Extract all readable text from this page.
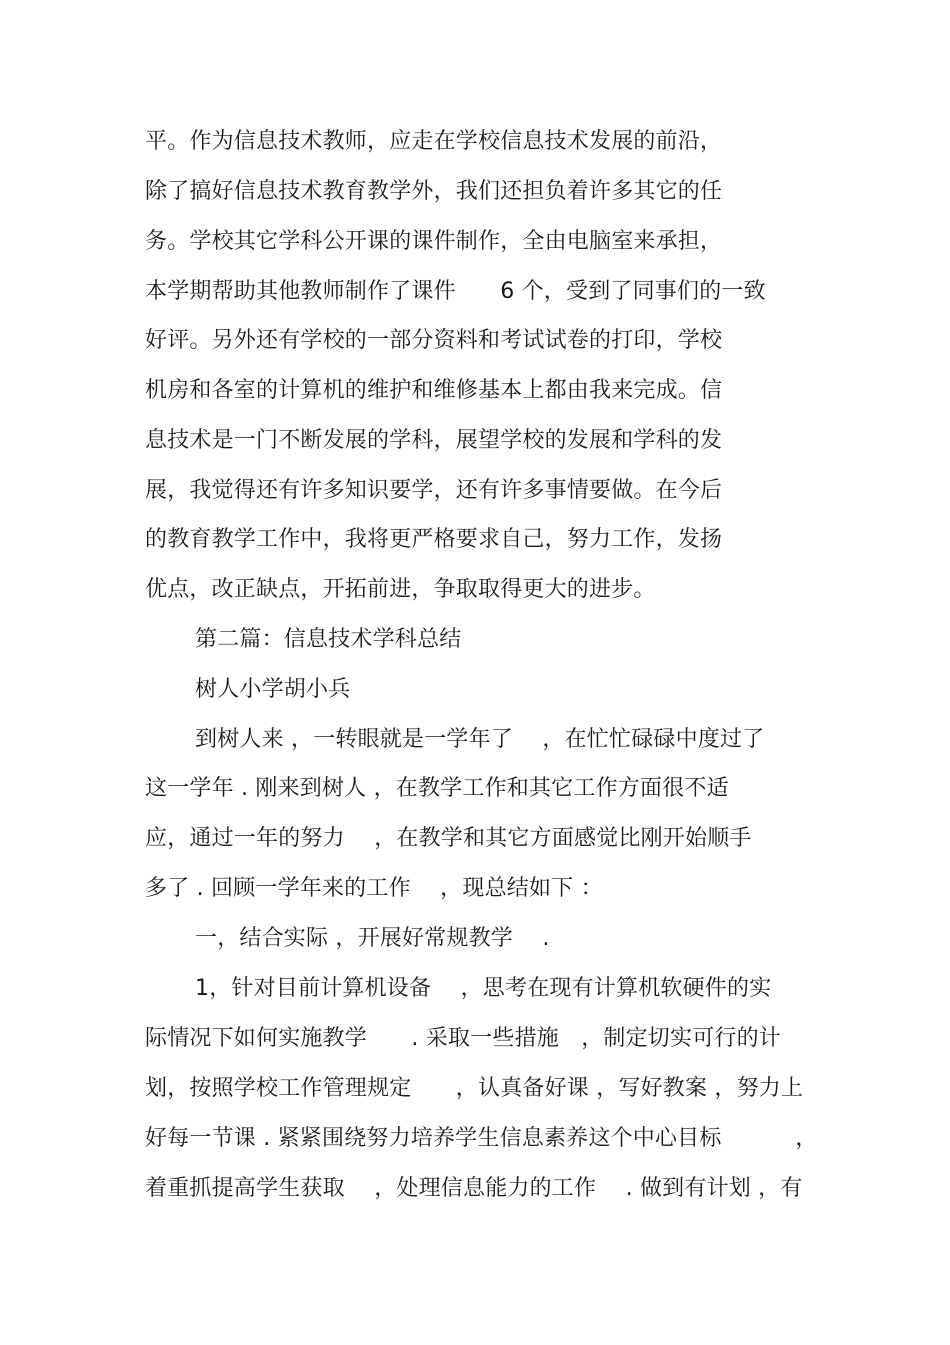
平。作为信息技术教师，应走在学校信息技术发展的前沿，

除了搞好信息技术教育教学外，我们还担负着许多其它的任

务。学校其它学科公开课的课件制作，全由电脑室来承担，

本学期帮助其他教师制作了课件　　6 个，受到了同事们的一致

好评。另外还有学校的一部分资料和考试试卷的打印，学校

机房和各室的计算机的维护和维修基本上都由我来完成。信

息技术是一门不断发展的学科，展望学校的发展和学科的发

展，我觉得还有许多知识要学，还有许多事情要做。在今后

的教育教学工作中，我将更严格要求自己，努力工作，发扬

优点，改正缺点，开拓前进，争取取得更大的进步。

第二篇：信息技术学科总结

树人小学胡小兵

到树人来 ，一转眼就是一学年了　 ，在忙忙碌碌中度过了

这一学年 . 刚来到树人 ，在教学工作和其它工作方面很不适

应，通过一年的努力　 ，在教学和其它方面感觉比刚开始顺手

多了 . 回顾一学年来的工作　 ，现总结如下 ：

一，结合实际 ，开展好常规教学　 .

1，针对目前计算机设备　 ，思考在现有计算机软硬件的实

际情况下如何实施教学　　. 采取一些措施　，制定切实可行的计

划，按照学校工作管理规定　　，认真备好课 ，写好教案 ，努力上

好每一节课 . 紧紧围绕努力培养学生信息素养这个中心目标　　　 ，

着重抓提高学生获取　 ，处理信息能力的工作　 . 做到有计划 ，有
